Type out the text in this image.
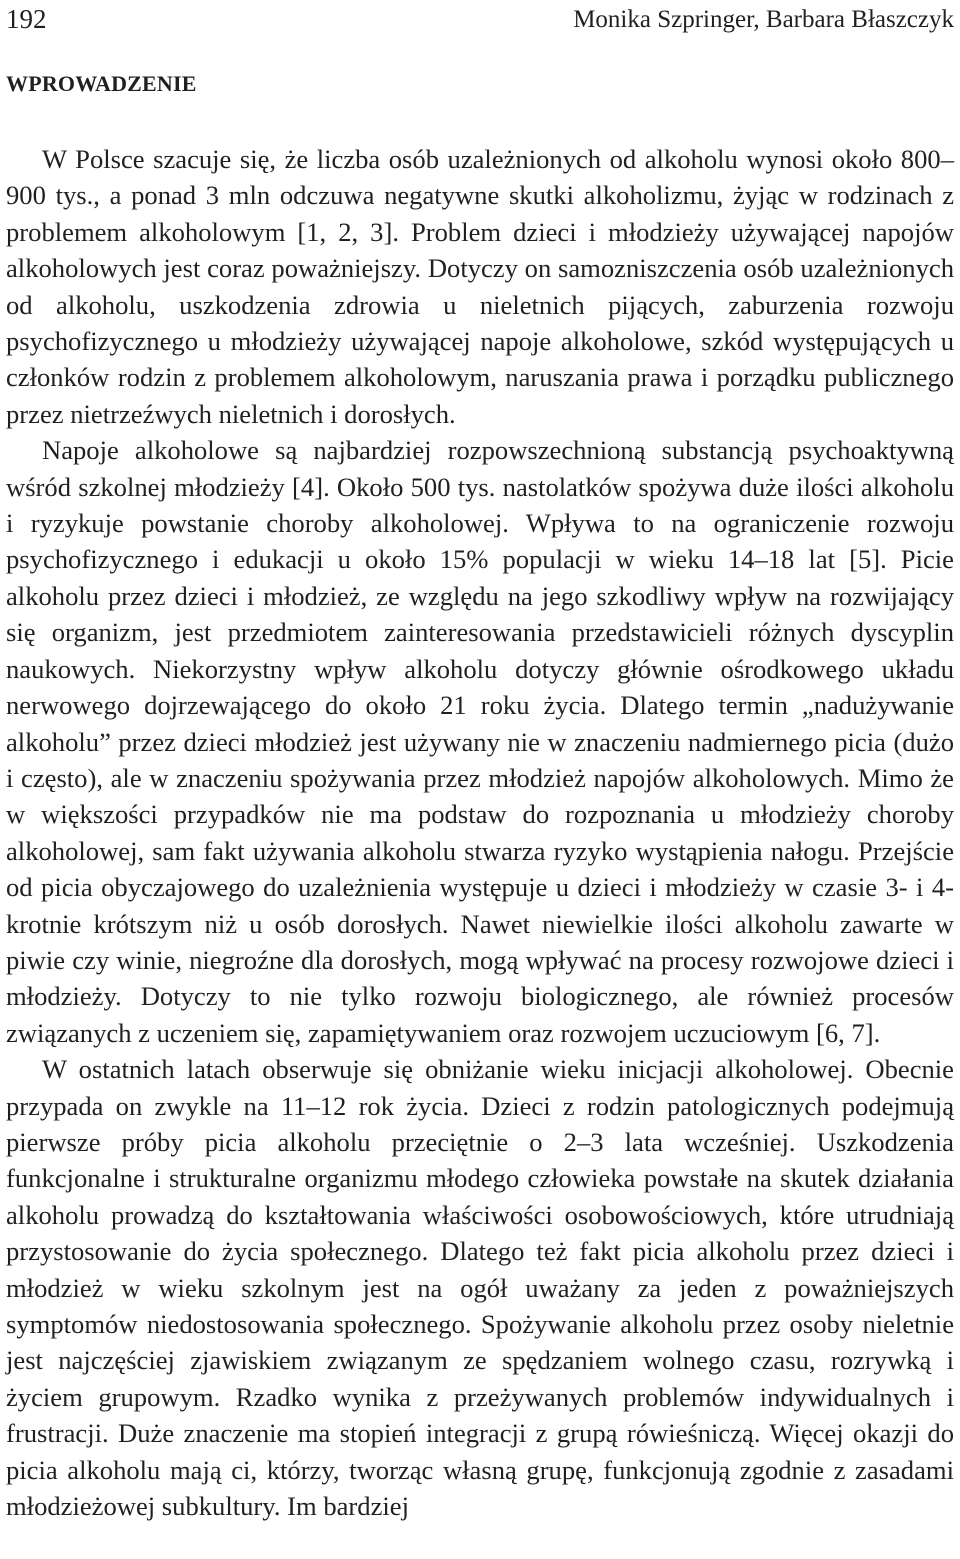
192	Monika Szpringer, Barbara Błaszczyk
WPROWADZENIE

W Polsce szacuje się, że liczba osób uzależnionych od alkoholu wynosi około 800–900 tys., a ponad 3 mln odczuwa negatywne skutki alkoholizmu, żyjąc w rodzinach z problemem alkoholowym [1, 2, 3]. Problem dzieci i młodzieży używającej napojów alkoholowych jest coraz poważniejszy. Dotyczy on samozniszczenia osób uzależnionych od alkoholu, uszkodzenia zdrowia u nieletnich pijących, zaburzenia rozwoju psychofizycznego u młodzieży używającej napoje alkoholowe, szkód występujących u członków rodzin z problemem alkoholowym, naruszania prawa i porządku publicznego przez nietrzeźwych nieletnich i dorosłych.

Napoje alkoholowe są najbardziej rozpowszechnioną substancją psychoaktywną wśród szkolnej młodzieży [4]. Około 500 tys. nastolatków spożywa duże ilości alkoholu i ryzykuje powstanie choroby alkoholowej. Wpływa to na ograniczenie rozwoju psychofizycznego i edukacji u około 15% populacji w wieku 14–18 lat [5]. Picie alkoholu przez dzieci i młodzież, ze względu na jego szkodliwy wpływ na rozwijający się organizm, jest przedmiotem zainteresowania przedstawicieli różnych dyscyplin naukowych. Niekorzystny wpływ alkoholu dotyczy głównie ośrodkowego układu nerwowego dojrzewającego do około 21 roku życia. Dlatego termin „nadużywanie alkoholu” przez dzieci młodzież jest używany nie w znaczeniu nadmiernego picia (dużo i często), ale w znaczeniu spożywania przez młodzież napojów alkoholowych. Mimo że w większości przypadków nie ma podstaw do rozpoznania u młodzieży choroby alkoholowej, sam fakt używania alkoholu stwarza ryzyko wystąpienia nałogu. Przejście od picia obyczajowego do uzależnienia występuje u dzieci i młodzieży w czasie 3- i 4-krotnie krótszym niż u osób dorosłych. Nawet niewielkie ilości alkoholu zawarte w piwie czy winie, niegroźne dla dorosłych, mogą wpływać na procesy rozwojowe dzieci i młodzieży. Dotyczy to nie tylko rozwoju biologicznego, ale również procesów związanych z uczeniem się, zapamiętywaniem oraz rozwojem uczuciowym [6, 7].

W ostatnich latach obserwuje się obniżanie wieku inicjacji alkoholowej. Obecnie przypada on zwykle na 11–12 rok życia. Dzieci z rodzin patologicznych podejmują pierwsze próby picia alkoholu przeciętnie o 2–3 lata wcześniej. Uszkodzenia funkcjonalne i strukturalne organizmu młodego człowieka powstałe na skutek działania alkoholu prowadzą do kształtowania właściwości osobowościowych, które utrudniają przystosowanie do życia społecznego. Dlatego też fakt picia alkoholu przez dzieci i młodzież w wieku szkolnym jest na ogół uważany za jeden z poważniejszych symptomów niedostosowania społecznego. Spożywanie alkoholu przez osoby nieletnie jest najczęściej zjawiskiem związanym ze spędzaniem wolnego czasu, rozrywką i życiem grupowym. Rzadko wynika z przeżywanych problemów indywidualnych i frustracji. Duże znaczenie ma stopień integracji z grupą rówieśniczą. Więcej okazji do picia alkoholu mają ci, którzy, tworząc własną grupę, funkcjonują zgodnie z zasadami młodzieżowej subkultury. Im bardziej
